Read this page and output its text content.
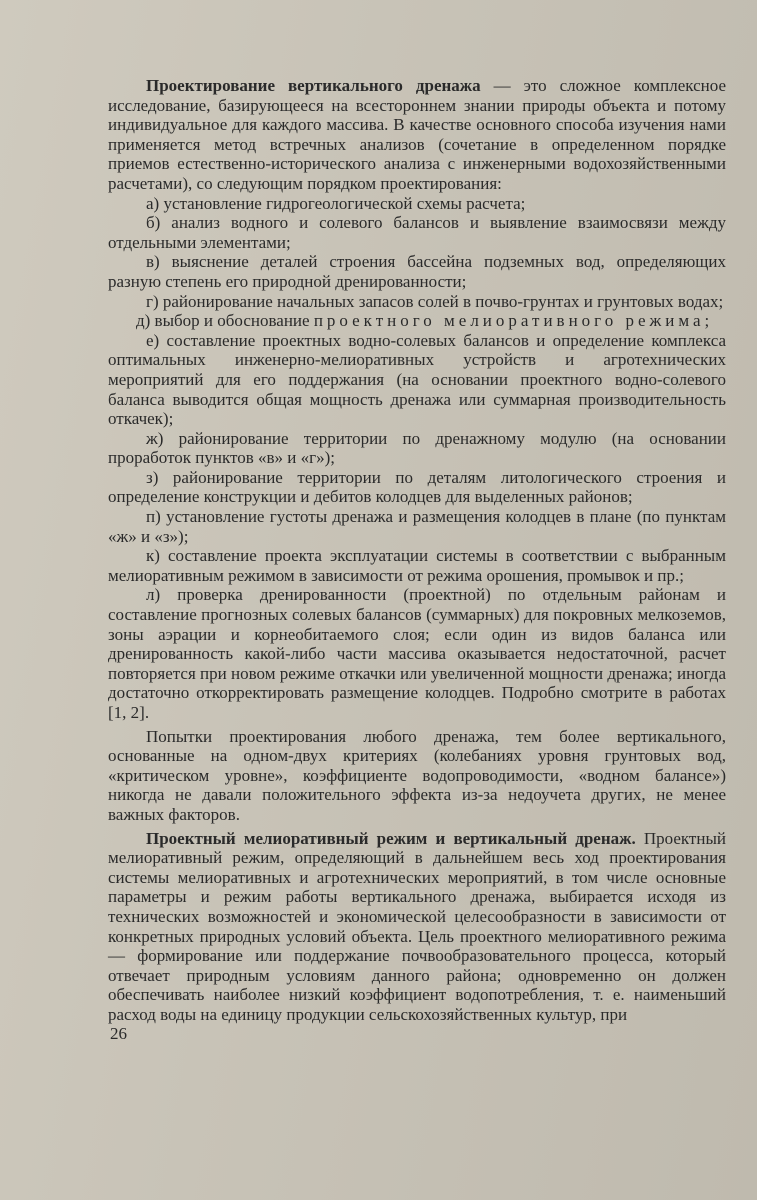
Проектирование вертикального дренажа — это сложное комплексное исследование, базирующееся на всестороннем знании природы объекта и потому индивидуальное для каждого массива. В качестве основного способа изучения нами применяется метод встречных анализов (сочетание в определенном порядке приемов естественно-исторического анализа с инженерными водохозяйственными расчетами), со следующим порядком проектирования:

а) установление гидрогеологической схемы расчета;

б) анализ водного и солевого балансов и выявление взаимосвязи между отдельными элементами;

в) выяснение деталей строения бассейна подземных вод, определяющих разную степень его природной дренированности;

г) районирование начальных запасов солей в почво-грунтах и грунтовых водах;

д) выбор и обоснование проектного мелиоративного режима;

е) составление проектных водно-солевых балансов и определение комплекса оптимальных инженерно-мелиоративных устройств и агротехнических мероприятий для его поддержания (на основании проектного водно-солевого баланса выводится общая мощность дренажа или суммарная производительность откачек);

ж) районирование территории по дренажному модулю (на основании проработок пунктов «в» и «г»);

з) районирование территории по деталям литологического строения и определение конструкции и дебитов колодцев для выделенных районов;

п) установление густоты дренажа и размещения колодцев в плане (по пунктам «ж» и «з»);

к) составление проекта эксплуатации системы в соответствии с выбранным мелиоративным режимом в зависимости от режима орошения, промывок и пр.;

л) проверка дренированности (проектной) по отдельным районам и составление прогнозных солевых балансов (суммарных) для покровных мелкоземов, зоны аэрации и корнеобитаемого слоя; если один из видов баланса или дренированность какой-либо части массива оказывается недостаточной, расчет повторяется при новом режиме откачки или увеличенной мощности дренажа; иногда достаточно откорректировать размещение колодцев. Подробно смотрите в работах [1, 2].

Попытки проектирования любого дренажа, тем более вертикального, основанные на одном-двух критериях (колебаниях уровня грунтовых вод, «критическом уровне», коэффициенте водопроводимости, «водном балансе») никогда не давали положительного эффекта из-за недоучета других, не менее важных факторов.

Проектный мелиоративный режим и вертикальный дренаж. Проектный мелиоративный режим, определяющий в дальнейшем весь ход проектирования системы мелиоративных и агротехнических мероприятий, в том числе основные параметры и режим работы вертикального дренажа, выбирается исходя из технических возможностей и экономической целесообразности в зависимости от конкретных природных условий объекта. Цель проектного мелиоративного режима — формирование или поддержание почвообразовательного процесса, который отвечает природным условиям данного района; одновременно он должен обеспечивать наиболее низкий коэффициент водопотребления, т. е. наименьший расход воды на единицу продукции сельскохозяйственных культур, при

26
